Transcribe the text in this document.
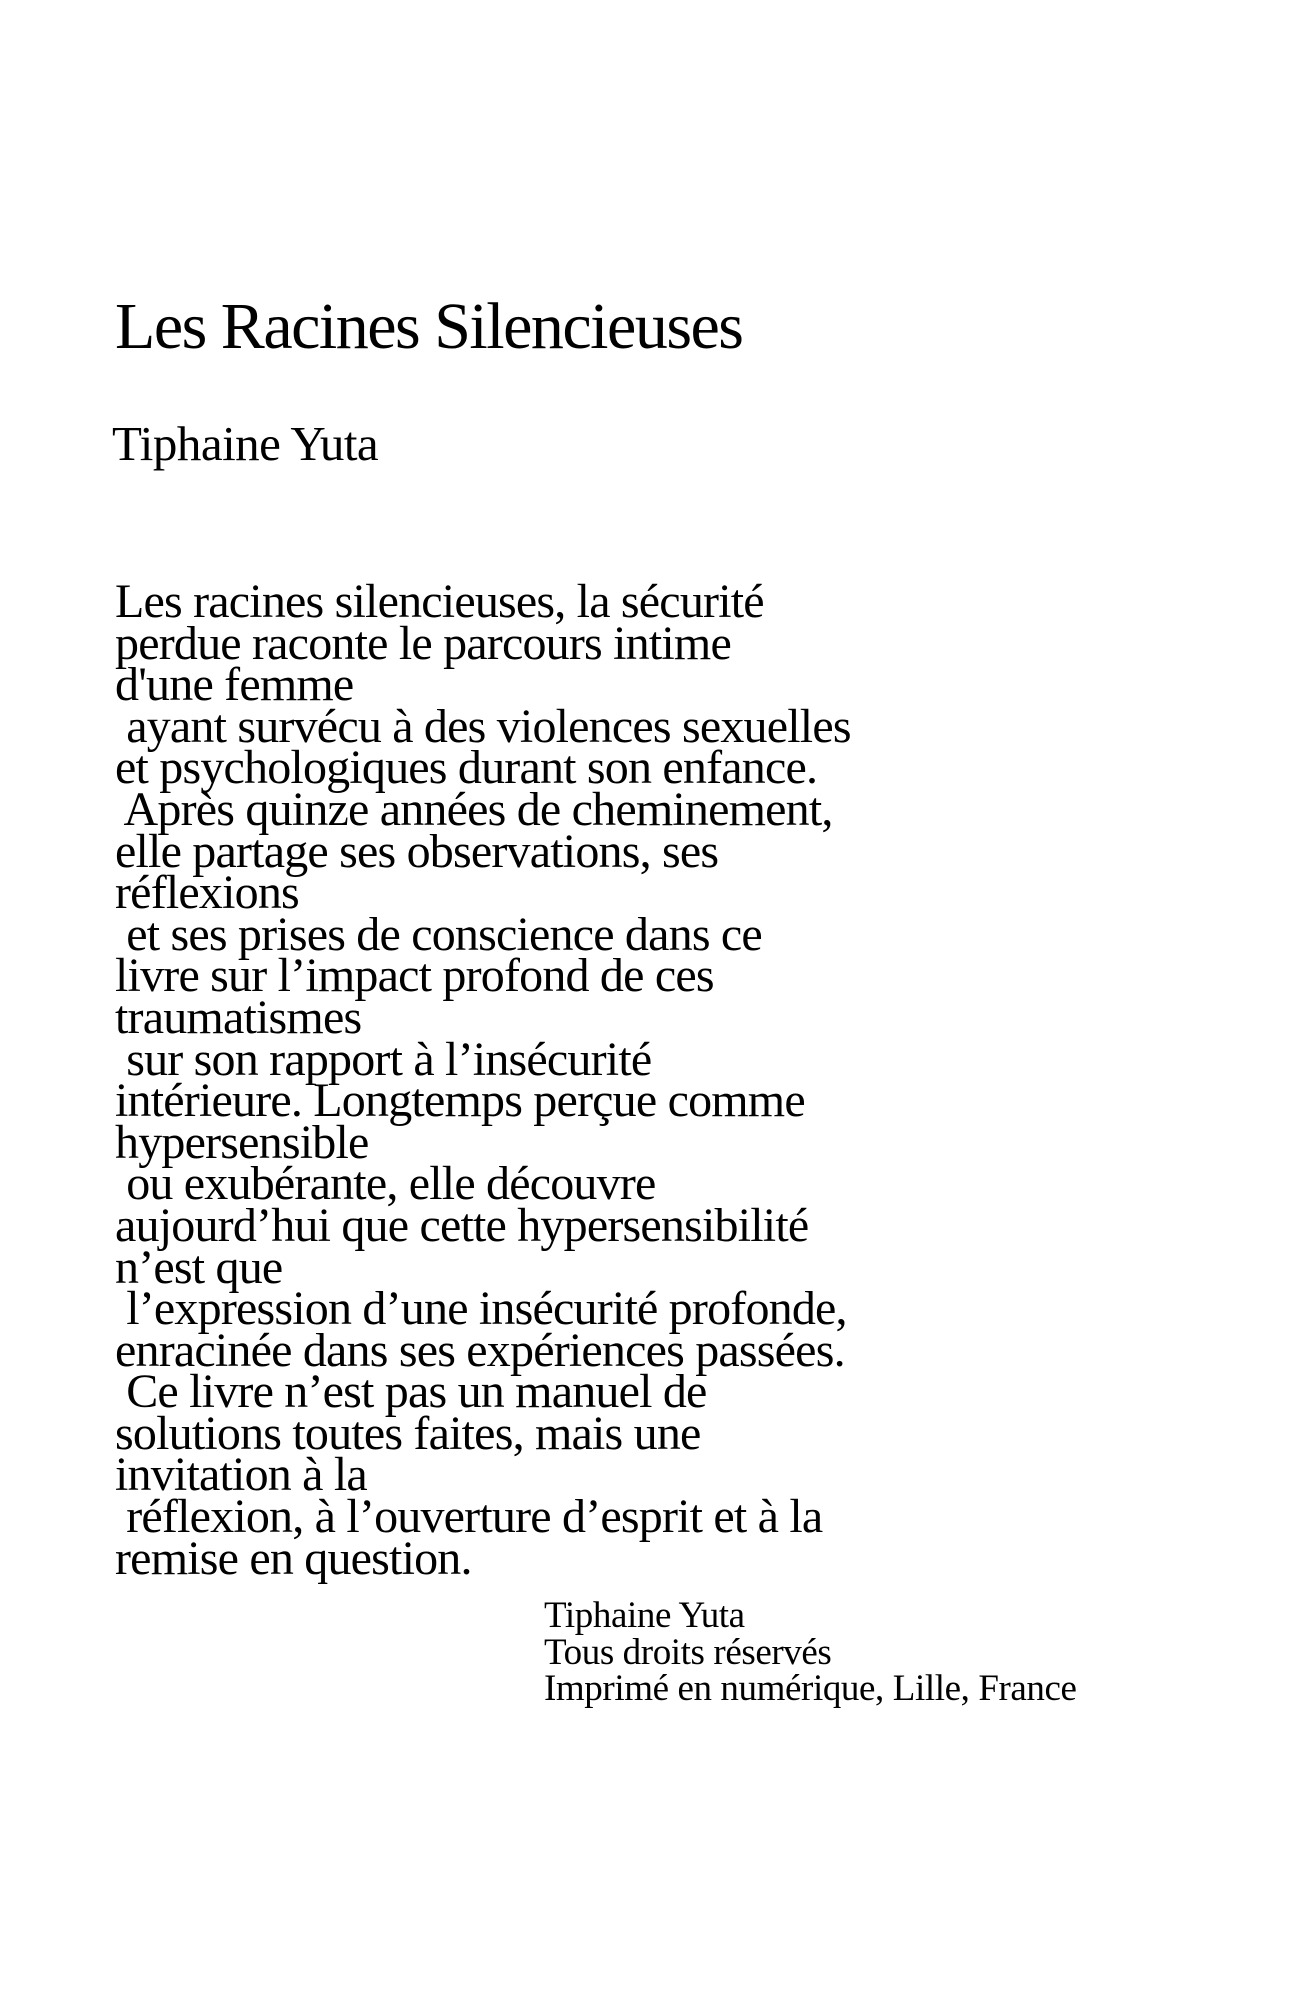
Les Racines Silencieuses
Tiphaine Yuta
Les racines silencieuses, la sécurité
perdue raconte le parcours intime
d'une femme
ayant survécu à des violences sexuelles
et psychologiques durant son enfance.
Après quinze années de cheminement,
elle partage ses observations, ses
réflexions
et ses prises de conscience dans ce
livre sur l’impact profond de ces
traumatismes
sur son rapport à l’insécurité
intérieure. Longtemps perçue comme
hypersensible
ou exubérante, elle découvre
aujourd’hui que cette hypersensibilité
n’est que
l’expression d’une insécurité profonde,
enracinée dans ses expériences passées.
Ce livre n’est pas un manuel de
solutions toutes faites, mais une
invitation à la
réflexion, à l’ouverture d’esprit et à la
remise en question.
Tiphaine Yuta
Tous droits réservés
Imprimé en numérique, Lille, France
